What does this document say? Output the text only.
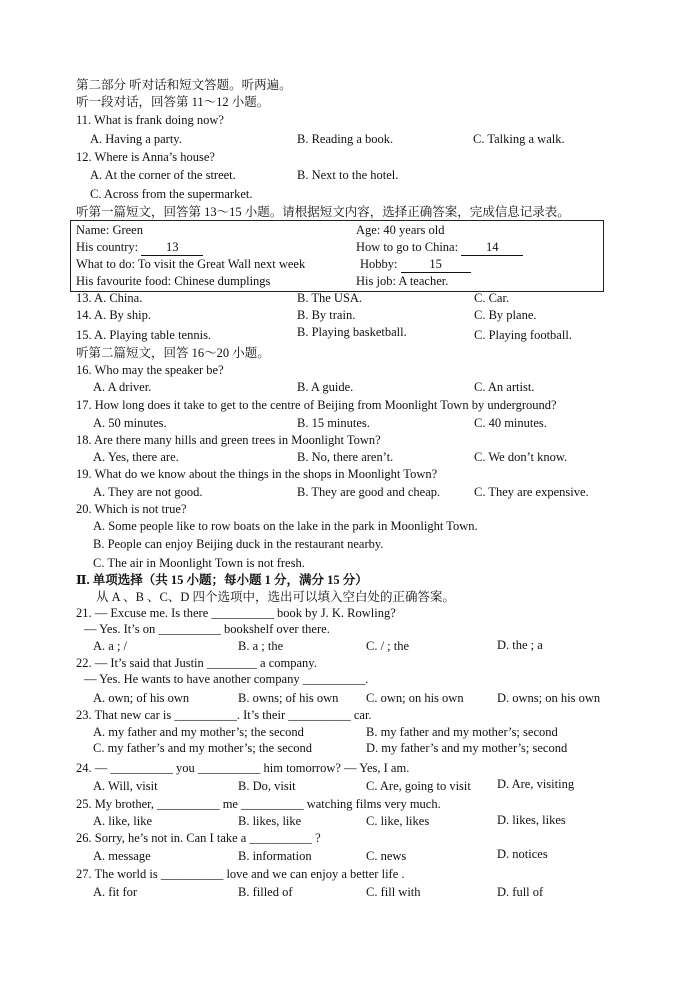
第二部分 听对话和短文答题。听两遍。
听一段对话，回答第 11～12 小题。
11. What is frank doing now?
A. Having a party.	B. Reading a book.	C. Talking a walk.
12. Where is Anna’s house?
A. At the corner of the street.	B. Next to the hotel.
C. Across from the supermarket.
听第一篇短文，回答第 13～15 小题。请根据短文内容，选择正确答案，完成信息记录表。
Name: Green	Age: 40 years old
His country: 13	How to go to China: 14
What to do: To visit the Great Wall next week	Hobby:	15
His favourite food: Chinese dumplings	His job: A teacher.
13. A. China.	B. The USA.	C. Car.
14. A. By ship.	B. By train.	C. By plane.
15. A. Playing table tennis.	B. Playing basketball.	C. Playing football.
听第二篇短文，回答 16～20 小题。
16. Who may the speaker be?
A. A driver.	B. A guide.	C. An artist.
17. How long does it take to get to the centre of Beijing from Moonlight Town by underground?
A. 50 minutes.	B. 15 minutes.	C. 40 minutes.
18. Are there many hills and green trees in Moonlight Town?
A. Yes, there are.	B. No, there aren’t.	C. We don’t know.
19. What do we know about the things in the shops in Moonlight Town?
A. They are not good.	B. They are good and cheap.	C. They are expensive.
20. Which is not true?
A. Some people like to row boats on the lake in the park in Moonlight Town.
B. People can enjoy Beijing duck in the restaurant nearby.
C. The air in Moonlight Town is not fresh.
Ⅱ. 单项选择（共 15 小题；每小题 1 分，满分 15 分）
从 A 、B 、C、D 四个选项中，选出可以填入空白处的正确答案。
21. — Excuse me. Is there __________ book by J. K. Rowling?
— Yes. It’s on __________ bookshelf over there.
A. a ; /	B. a ; the	C. / ; the	D. the ; a
22. — It’s said that Justin ________ a company.
— Yes. He wants to have another company __________.
A. own; of his own	B. owns; of his own C. own; on his own	D. owns; on his own
23. That new car is __________. It’s their __________ car.
A. my father and my mother’s; the second	B. my father and my mother’s; second
C. my father’s and my mother’s; the second	D. my father’s and my mother’s; second
24. — __________ you __________ him tomorrow? — Yes, I am.
A. Will, visit	B. Do, visit	C. Are, going to visit D. Are, visiting
25. My brother, __________ me __________ watching films very much.
A. like, like	B. likes, like	C. like, likes	D. likes, likes
26. Sorry, he’s not in. Can I take a __________ ?
A. message	B. information	C. news	D. notices
27. The world is __________ love and we can enjoy a better life .
A. fit for	B. filled of	C. fill with	D. full of
